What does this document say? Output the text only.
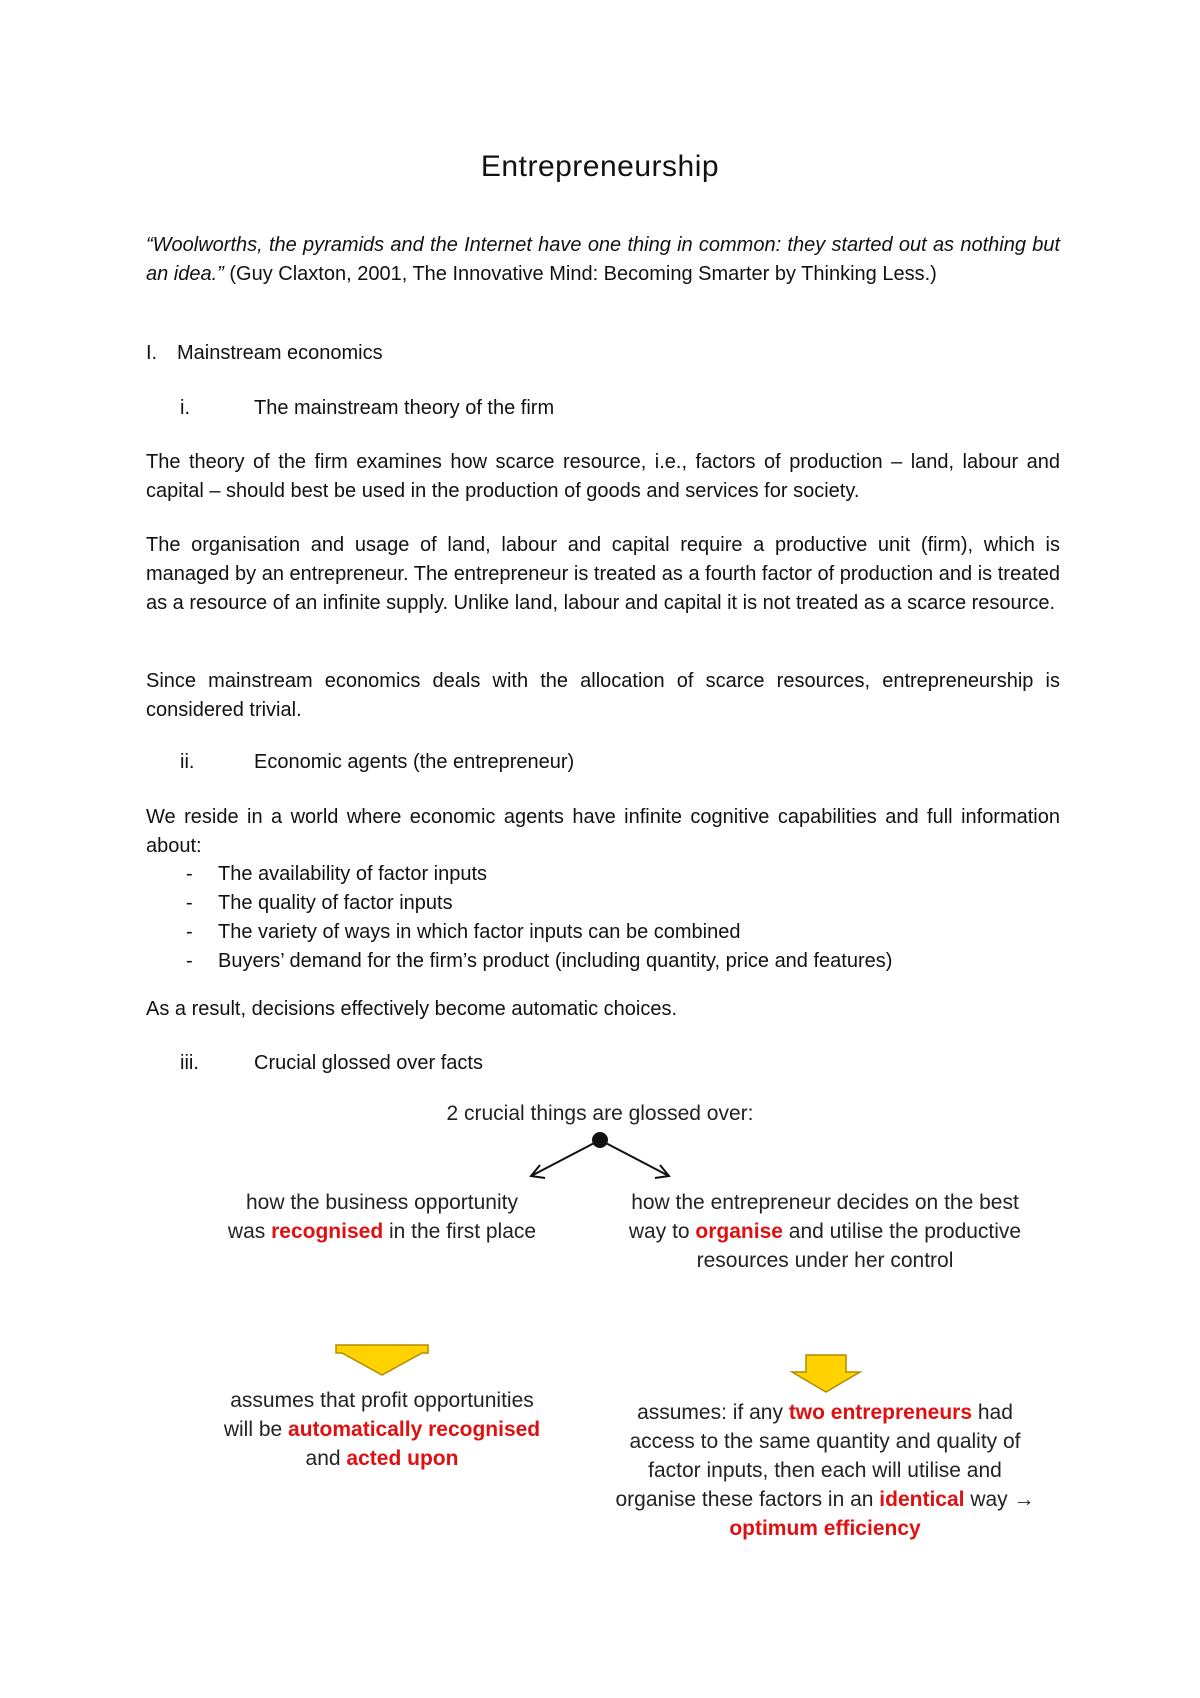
Entrepreneurship
“Woolworths, the pyramids and the Internet have one thing in common: they started out as nothing but an idea.” (Guy Claxton, 2001, The Innovative Mind: Becoming Smarter by Thinking Less.)
I. Mainstream economics
i.	The mainstream theory of the firm
The theory of the firm examines how scarce resource, i.e., factors of production – land, labour and capital – should best be used in the production of goods and services for society.
The organisation and usage of land, labour and capital require a productive unit (firm), which is managed by an entrepreneur. The entrepreneur is treated as a fourth factor of production and is treated as a resource of an infinite supply. Unlike land, labour and capital it is not treated as a scarce resource.
Since mainstream economics deals with the allocation of scarce resources, entrepreneurship is considered trivial.
ii.	Economic agents (the entrepreneur)
We reside in a world where economic agents have infinite cognitive capabilities and full information about:
- The availability of factor inputs
- The quality of factor inputs
- The variety of ways in which factor inputs can be combined
- Buyers’ demand for the firm’s product (including quantity, price and features)
As a result, decisions effectively become automatic choices.
iii.	Crucial glossed over facts
2 crucial things are glossed over:
how the business opportunity
was recognised in the first place
assumes that profit opportunities
will be automatically recognised
and acted upon
how the entrepreneur decides on the best
way to organise and utilise the productive
resources under her control
assumes: if any two entrepreneurs had
access to the same quantity and quality of
factor inputs, then each will utilise and
organise these factors in an identical way →
optimum efficiency
